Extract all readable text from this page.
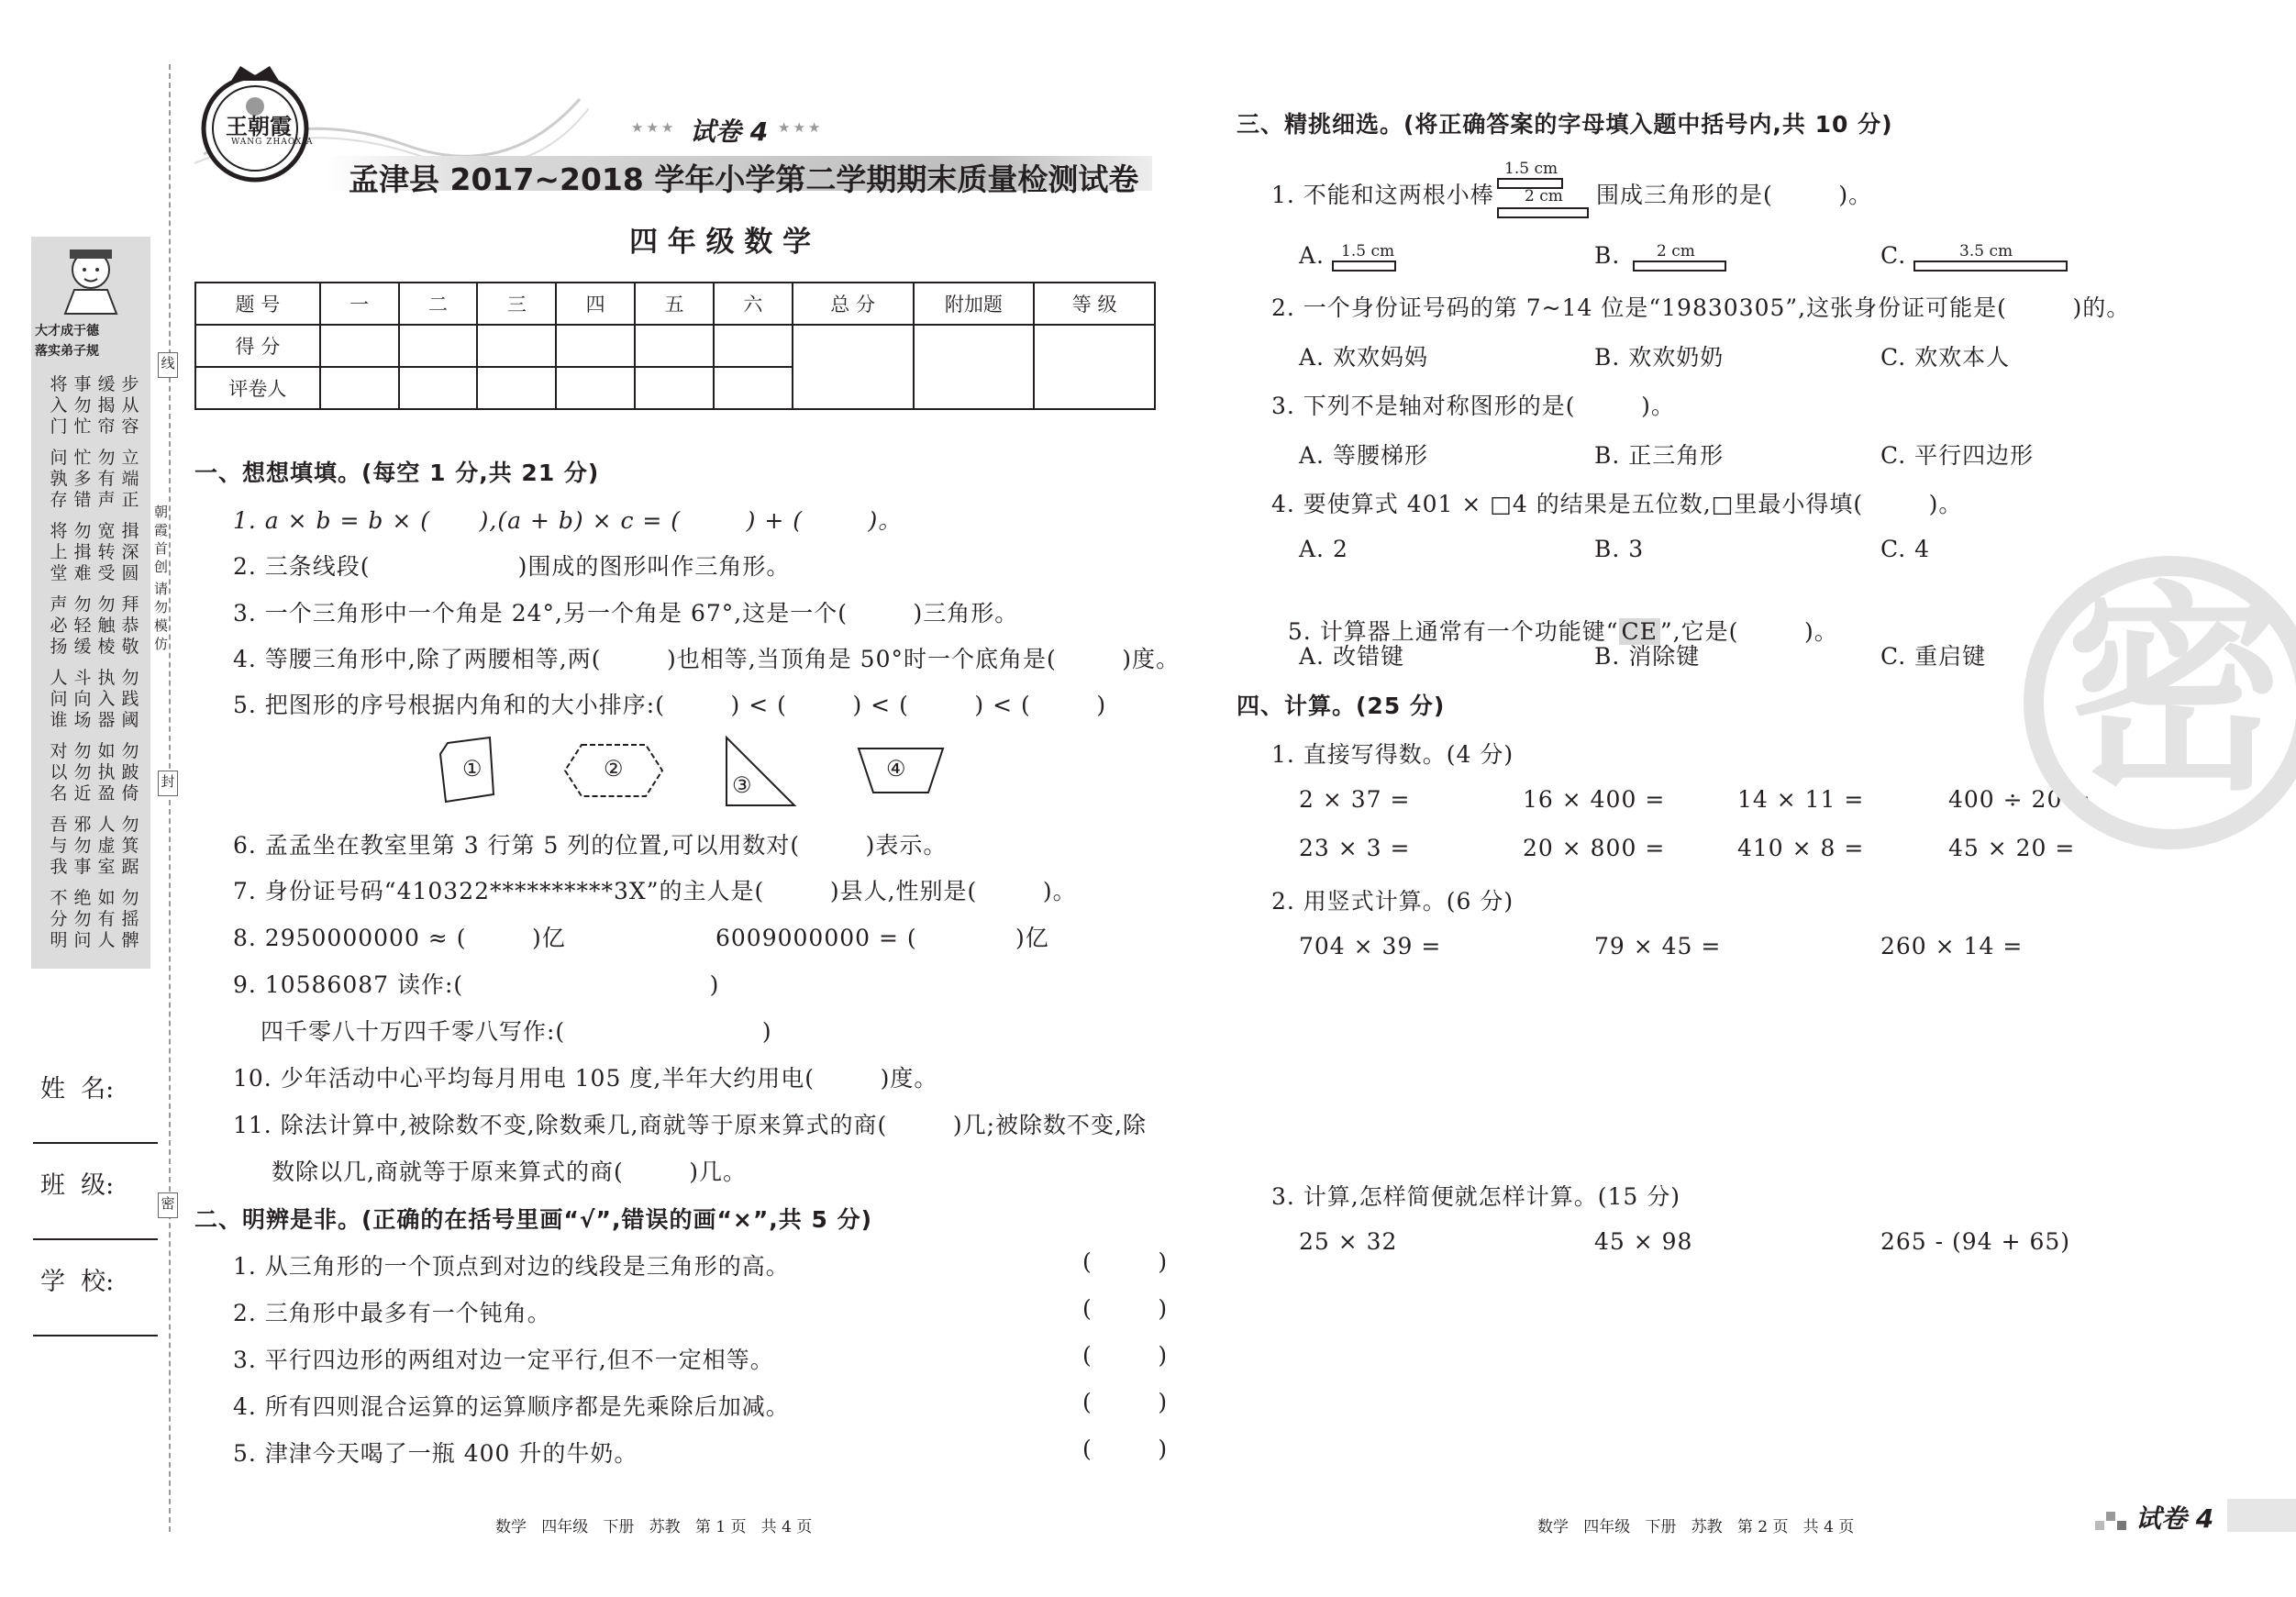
大才成于德
落实弟子规
将入门
事勿忙
缓揭帘
步从容
问孰存
忙多错
勿有声
立端正
将上堂
勿揖难
宽转受
揖深圆
声必扬
勿轻缓
勿触棱
拜恭敬
人问谁
斗向场
执入器
勿践阈
对以名
勿勿近
如执盈
勿跛倚
吾与我
邪勿事
人虚室
勿箕踞
不分明
绝勿问
如有人
勿摇髀
姓  名:
班  级:
学  校:
线
朝霞首创
请勿模仿
封
密
王朝霞
WANG ZHAOXIA
★★★ 试卷 4 ★★★
孟津县 2017~2018 学年小学第二学期期末质量检测试卷
四 年 级 数 学
题 号	一	二	三	四	五	六	总 分	附加题	等 级
得 分									
评卷人									
一、想想填填。(每空 1 分,共 21 分)
1. a × b = b × (      ),(a + b) × c = (        ) + (        )。
2. 三条线段(                  )围成的图形叫作三角形。
3. 一个三角形中一个角是 24°,另一个角是 67°,这是一个(        )三角形。
4. 等腰三角形中,除了两腰相等,两(        )也相等,当顶角是 50°时一个底角是(        )度。
5. 把图形的序号根据内角和的大小排序:(        ) < (        ) < (        ) < (        )
①	②
③
④
6. 孟孟坐在教室里第 3 行第 5 列的位置,可以用数对(        )表示。
7. 身份证号码“410322**********3X”的主人是(        )县人,性别是(        )。
8. 2950000000 ≈ (        )亿	6009000000 = (            )亿
9. 10586087 读作:(                              )
四千零八十万四千零八写作:(                        )
10. 少年活动中心平均每月用电 105 度,半年大约用电(        )度。
11. 除法计算中,被除数不变,除数乘几,商就等于原来算式的商(        )几;被除数不变,除
数除以几,商就等于原来算式的商(        )几。
二、明辨是非。(正确的在括号里画“√”,错误的画“×”,共 5 分)
1. 从三角形的一个顶点到对边的线段是三角形的高。	(        )
2. 三角形中最多有一个钝角。	(        )
3. 平行四边形的两组对边一定平行,但不一定相等。	(        )
4. 所有四则混合运算的运算顺序都是先乘除后加减。	(        )
5. 津津今天喝了一瓶 400 升的牛奶。	(        )
数学   四年级   下册   苏教   第 1 页   共 4 页
三、精挑细选。(将正确答案的字母填入题中括号内,共 10 分)
1. 不能和这两根小棒
1.5 cm
2 cm 围成三角形的是(        )。
A. 1.5 cm	B. 2 cm	C.	3.5 cm
2. 一个身份证号码的第 7~14 位是“19830305”,这张身份证可能是(        )的。
A. 欢欢妈妈	B. 欢欢奶奶	C. 欢欢本人
3. 下列不是轴对称图形的是(        )。
A. 等腰梯形	B. 正三角形	C. 平行四边形
4. 要使算式 401 × □4 的结果是五位数,□里最小得填(        )。
A. 2	B. 3	C. 4

5. 计算器上通常有一个功能键“ CE ”,它是(        )。

A. 改错键	B. 消除键	C. 重启键
四、计算。(25 分)
1. 直接写得数。(4 分)
2 × 37 =	16 × 400 =	14 × 11 =	400 ÷ 20 =
23 × 3 =	20 × 800 =	410 × 8 =	45 × 20 =
2. 用竖式计算。(6 分)
704 × 39 =	79 × 45 =	260 × 14 =
3. 计算,怎样简便就怎样计算。(15 分)
25 × 32	45 × 98	265 - (94 + 65)
密
数学   四年级   下册   苏教   第 2 页   共 4 页	试卷 4
